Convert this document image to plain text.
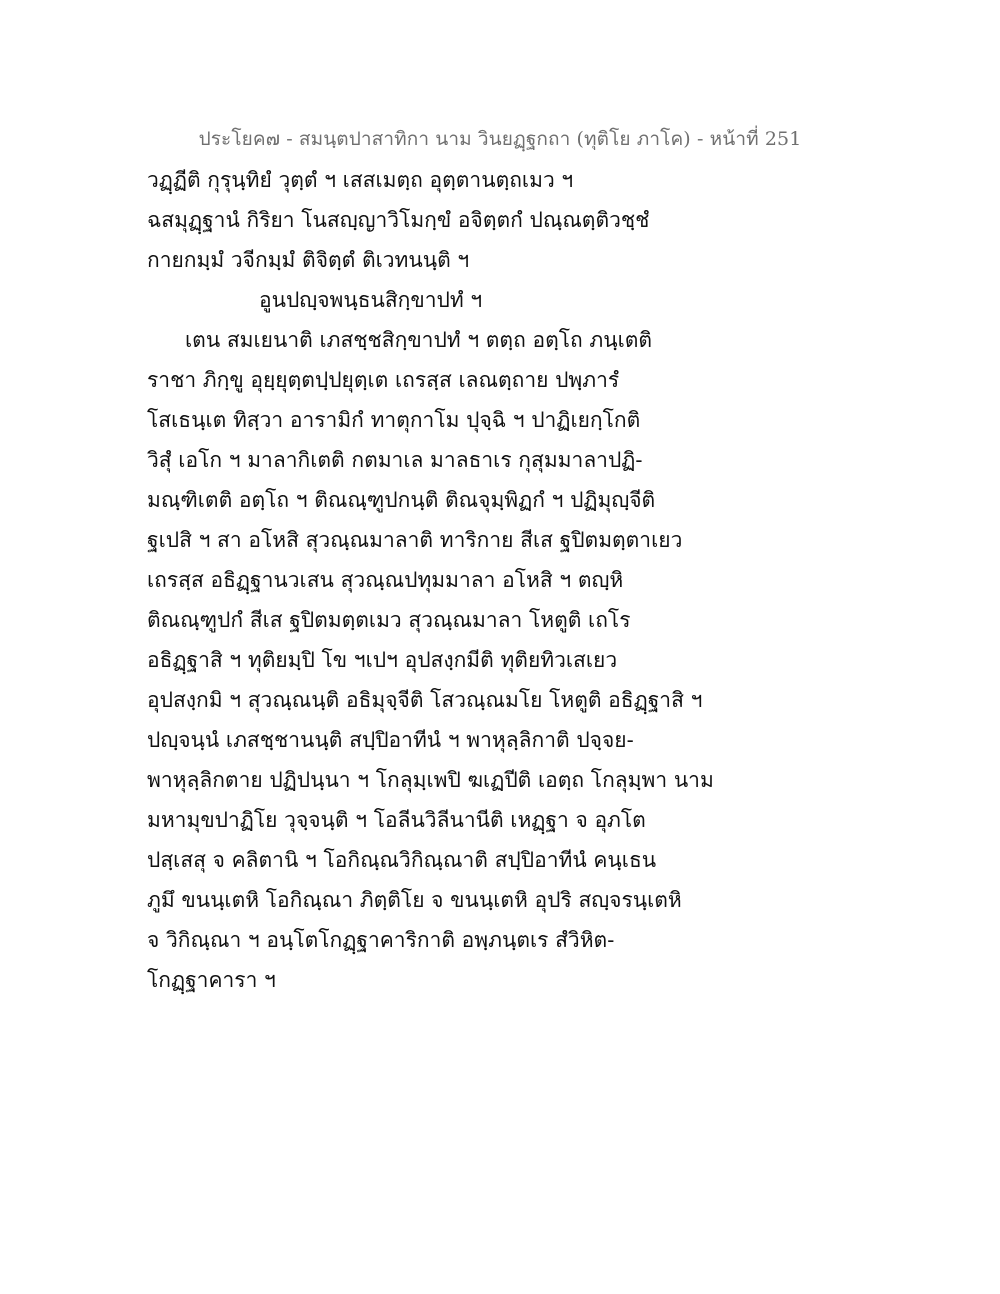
ประโยค๗ - สมนฺตปาสาทิกา นาม วินยฏฺฐกถา (ทุติโย ภาโค) - หน้าที่ 251
วฏฺฏีติ กุรุนฺทิยํ วุตฺตํ ฯ เสสเมตฺถ อุตฺตานตฺถเมว ฯ
ฉสมุฏฺฐานํ กิริยา โนสญฺญาวิโมกฺขํ อจิตฺตกํ ปณฺณตฺติวชฺชํ
กายกมฺมํ วจีกมฺมํ ติจิตฺตํ ติเวทนนฺติ ฯ
อูนปญฺจพนฺธนสิกฺขาปทํ ฯ
เตน สมเยนาติ เภสชฺชสิกฺขาปทํ ฯ ตตฺถ อตฺโถ ภนฺเตติ
ราชา ภิกฺขู อุยฺยุตฺตปฺปยุตฺเต เถรสฺส เลณตฺถาย ปพฺภารํ
โสเธนฺเต ทิสฺวา อารามิกํ ทาตุกาโม ปุจฺฉิ ฯ ปาฏิเยกฺโกติ
วิสุํ เอโก ฯ มาลากิเตติ กตมาเล มาลธาเร กุสุมมาลาปฏิ-
มณฺฑิเตติ อตฺโถ ฯ ติณณฺฑูปกนฺติ ติณจุมฺพิฏกํ ฯ ปฏิมุญฺจีติ
ฐเปสิ ฯ สา อโหสิ สุวณฺณมาลาติ ทาริกาย สีเส ฐปิตมตฺตาเยว
เถรสฺส อธิฏฺฐานวเสน สุวณฺณปทุมมาลา อโหสิ ฯ ตญฺหิ
ติณณฺฑูปกํ สีเส ฐปิตมตฺตเมว สุวณฺณมาลา โหตูติ เถโร
อธิฏฺฐาสิ ฯ ทุติยมฺปิ โข ฯเปฯ อุปสงฺกมีติ ทุติยทิวเสเยว
อุปสงฺกมิ ฯ สุวณฺณนฺติ อธิมุจฺจีติ โสวณฺณมโย โหตูติ อธิฏฺฐาสิ ฯ
ปญฺจนฺนํ เภสชฺชานนฺติ สปฺปิอาทีนํ ฯ พาหุลฺลิกาติ ปจฺจย-
พาหุลฺลิกตาย ปฏิปนฺนา ฯ โกลุมฺเพปิ ฆเฏปีติ เอตฺถ โกลุมฺพา นาม
มหามุขปาฏิโย วุจฺจนฺติ ฯ โอลีนวิลีนานีติ เหฏฺฐา จ อุภโต
ปสฺเสสุ จ คลิตานิ ฯ โอกิณฺณวิกิณฺณาติ สปฺปิอาทีนํ คนฺเธน
ภูมึ ขนนฺเตหิ โอกิณฺณา ภิตฺติโย จ ขนนฺเตหิ อุปริ สญฺจรนฺเตหิ
จ วิกิณฺณา ฯ อนฺโตโกฏฺฐาคาริกาติ อพฺภนฺตเร สํวิหิต-
โกฏฺฐาคารา ฯ
